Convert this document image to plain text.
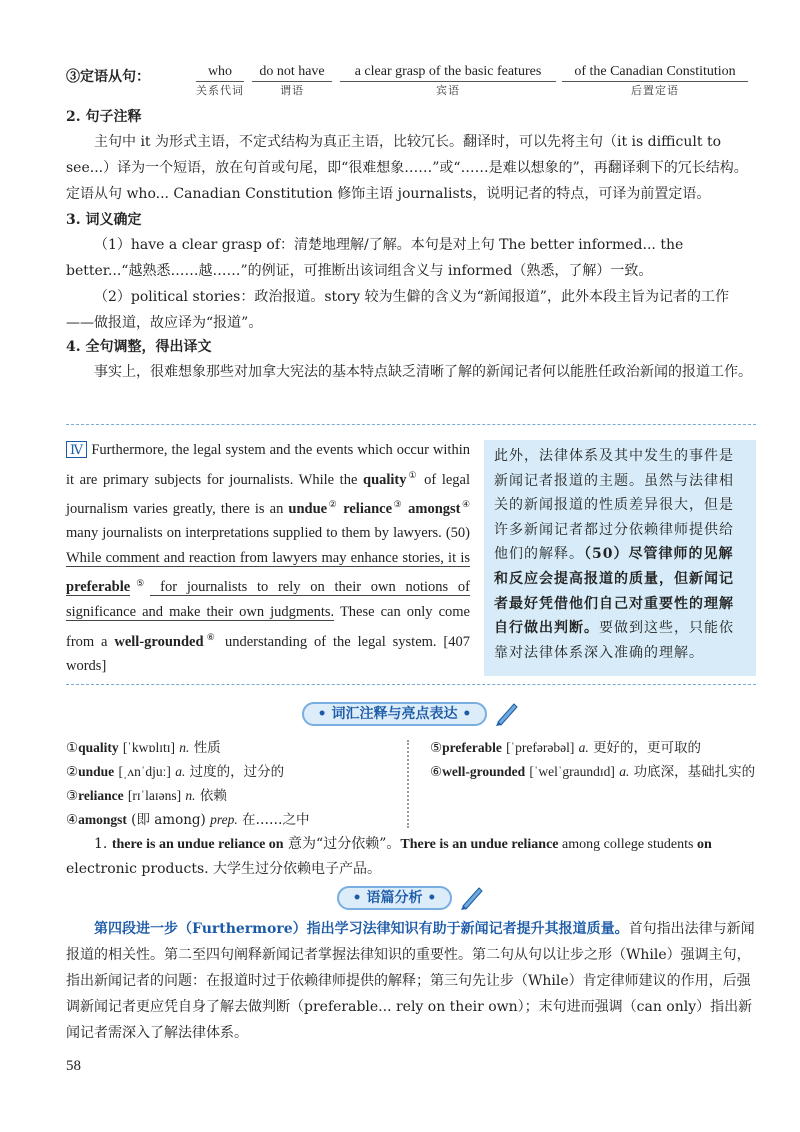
③定语从句：	who
关系代词
do not have
谓语
a clear grasp of the basic features
宾语
of the Canadian Constitution
后置定语
2. 句子注释
主句中 it 为形式主语，不定式结构为真正主语，比较冗长。翻译时，可以先将主句（it is difficult to see...）译为一个短语，放在句首或句尾，即“很难想象……”或“……是难以想象的”，再翻译剩下的冗长结构。定语从句 who... Canadian Constitution 修饰主语 journalists，说明记者的特点，可译为前置定语。
3. 词义确定
（1）have a clear grasp of：清楚地理解/了解。本句是对上句 The better informed... the better...“越熟悉……越……”的例证，可推断出该词组含义与 informed（熟悉，了解）一致。
（2）political stories：政治报道。story 较为生僻的含义为“新闻报道”，此外本段主旨为记者的工作——做报道，故应译为“报道”。
4. 全句调整，得出译文
事实上，很难想象那些对加拿大宪法的基本特点缺乏清晰了解的新闻记者何以能胜任政治新闻的报道工作。
Ⅳ Furthermore, the legal system and the events which occur within it are primary subjects for journalists. While the quality① of legal journalism varies greatly, there is an undue② reliance③ amongst④ many journalists on interpretations supplied to them by lawyers. (50) While comment and reaction from lawyers may enhance stories, it is preferable⑤ for journalists to rely on their own notions of significance and make their own judgments. These can only come from a well-grounded⑥ understanding of the legal system. [407 words]
此外，法律体系及其中发生的事件是新闻记者报道的主题。虽然与法律相关的新闻报道的性质差异很大，但是许多新闻记者都过分依赖律师提供给他们的解释。（50）尽管律师的见解和反应会提高报道的质量，但新闻记者最好凭借他们自己对重要性的理解自行做出判断。要做到这些，只能依靠对法律体系深入准确的理解。
• 词汇注释与亮点表达 •
①quality [ˈkwɒlɪtɪ] n. 性质
②undue [ˌʌnˈdjuː] a. 过度的，过分的
③reliance [rɪˈlaɪəns] n. 依赖
④amongst (即 among) prep. 在……之中
⑤preferable [ˈprefərəbəl] a. 更好的，更可取的
⑥well-grounded [ˈwelˈgraundɪd] a. 功底深，基础扎实的
1. there is an undue reliance on 意为“过分依赖”。There is an undue reliance among college students on electronic products. 大学生过分依赖电子产品。
• 语篇分析 •
第四段进一步（Furthermore）指出学习法律知识有助于新闻记者提升其报道质量。首句指出法律与新闻报道的相关性。第二至四句阐释新闻记者掌握法律知识的重要性。第二句从句以让步之形（While）强调主句，指出新闻记者的问题：在报道时过于依赖律师提供的解释；第三句先让步（While）肯定律师建议的作用，后强调新闻记者更应凭自身了解去做判断（preferable... rely on their own）；末句进而强调（can only）指出新闻记者需深入了解法律体系。
58
